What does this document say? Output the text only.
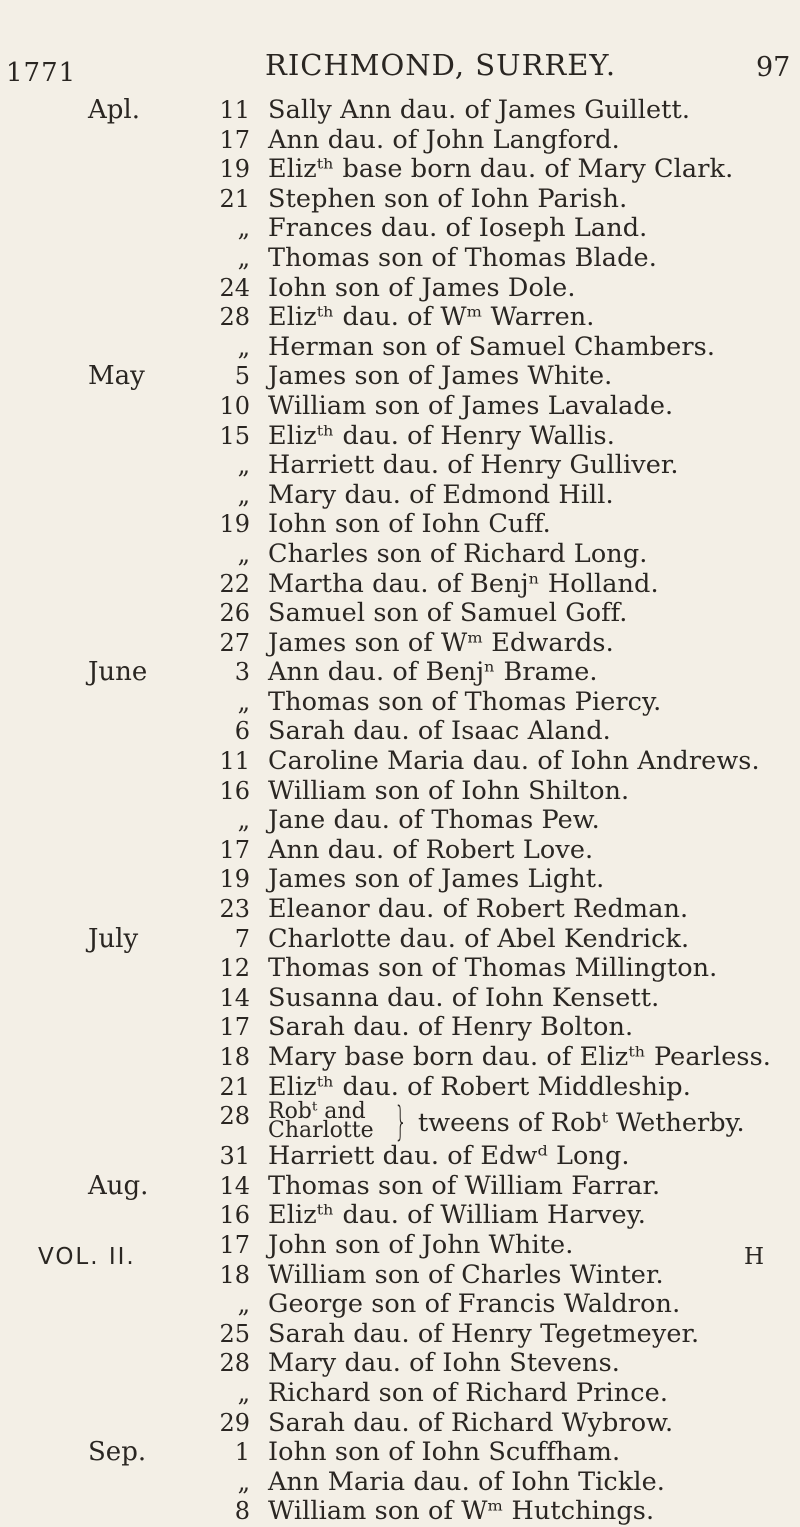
1771	RICHMOND, SURREY.	97
Apl.	11 Sally Ann dau. of James Guillett.
17 Ann dau. of John Langford.
19 Elizᵗʰ base born dau. of Mary Clark.
21 Stephen son of Iohn Parish.
„ Frances dau. of Ioseph Land.
„ Thomas son of Thomas Blade.
24 Iohn son of James Dole.
28 Elizᵗʰ dau. of Wᵐ Warren.
„ Herman son of Samuel Chambers.
May	5 James son of James White.
10 William son of James Lavalade.
15 Elizᵗʰ dau. of Henry Wallis.
„ Harriett dau. of Henry Gulliver.
„ Mary dau. of Edmond Hill.
19 Iohn son of Iohn Cuff.
„ Charles son of Richard Long.
22 Martha dau. of Benjⁿ Holland.
26 Samuel son of Samuel Goff.
27 James son of Wᵐ Edwards.
June	3 Ann dau. of Benjⁿ Brame.
„ Thomas son of Thomas Piercy.
6 Sarah dau. of Isaac Aland.
11 Caroline Maria dau. of Iohn Andrews.
16 William son of Iohn Shilton.
„ Jane dau. of Thomas Pew.
17 Ann dau. of Robert Love.
19 James son of James Light.
23 Eleanor dau. of Robert Redman.
July	7 Charlotte dau. of Abel Kendrick.
12 Thomas son of Thomas Millington.
14 Susanna dau. of Iohn Kensett.
17 Sarah dau. of Henry Bolton.
18 Mary base born dau. of Elizᵗʰ Pearless.
21 Elizᵗʰ dau. of Robert Middleship.
28 Robᵗ and
Charlotte } tweens of Robᵗ Wetherby.
31 Harriett dau. of Edwᵈ Long.
Aug.	14 Thomas son of William Farrar.
16 Elizᵗʰ dau. of William Harvey.
17 John son of John White.
18 William son of Charles Winter.
„ George son of Francis Waldron.
25 Sarah dau. of Henry Tegetmeyer.
28 Mary dau. of Iohn Stevens.
„ Richard son of Richard Prince.
29 Sarah dau. of Richard Wybrow.
Sep.	1 Iohn son of Iohn Scuffham.
„ Ann Maria dau. of Iohn Tickle.
8 William son of Wᵐ Hutchings.
VOL. II.	H
